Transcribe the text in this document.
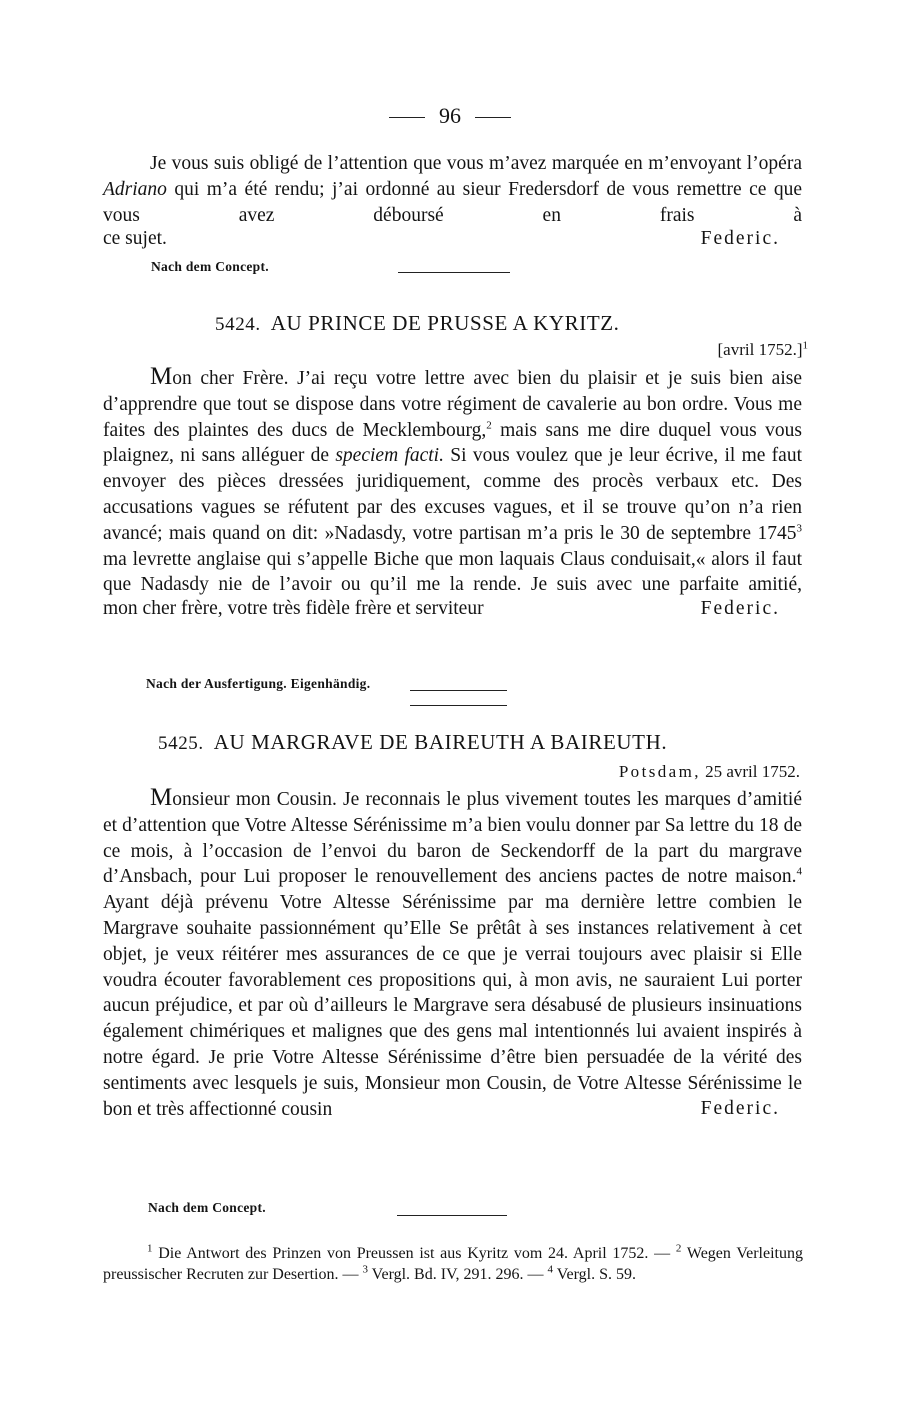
96

Je vous suis obligé de l’attention que vous m’avez marquée en m’envoyant l’opéra Adriano qui m’a été rendu; j’ai ordonné au sieur Fredersdorf de vous remettre ce que vous avez déboursé en frais à

ce sujet.	Federic.
Nach dem Concept.
5424. AU PRINCE DE PRUSSE A KYRITZ.
[avril 1752.]$^1$

Mon cher Frère. J’ai reçu votre lettre avec bien du plaisir et je suis bien aise d’apprendre que tout se dispose dans votre régiment de cavalerie au bon ordre. Vous me faites des plaintes des ducs de Mecklembourg,$^2$ mais sans me dire duquel vous vous plaignez, ni sans alléguer de speciem facti. Si vous voulez que je leur écrive, il me faut envoyer des pièces dressées juridiquement, comme des procès verbaux etc. Des accusations vagues se réfutent par des excuses vagues, et il se trouve qu’on n’a rien avancé; mais quand on dit: »Nadasdy, votre partisan m’a pris le 30 de septembre 1745$^3$ ma levrette anglaise qui s’appelle Biche que mon laquais Claus conduisait,« alors il faut que Nadasdy nie de l’avoir ou qu’il me la rende. Je suis avec une parfaite amitié,

mon cher frère, votre très fidèle frère et serviteur	Federic.
Nach der Ausfertigung. Eigenhändig.
5425. AU MARGRAVE DE BAIREUTH A BAIREUTH.
Potsdam, 25 avril 1752.

Monsieur mon Cousin. Je reconnais le plus vivement toutes les marques d’amitié et d’attention que Votre Altesse Sérénissime m’a bien voulu donner par Sa lettre du 18 de ce mois, à l’occasion de l’envoi du baron de Seckendorff de la part du margrave d’Ansbach, pour Lui proposer le renouvellement des anciens pactes de notre maison.$^4$ Ayant déjà prévenu Votre Altesse Sérénissime par ma dernière lettre combien le Margrave souhaite passionnément qu’Elle Se prêtât à ses instances relativement à cet objet, je veux réitérer mes assurances de ce que je verrai toujours avec plaisir si Elle voudra écouter favorablement ces propositions qui, à mon avis, ne sauraient Lui porter aucun préjudice, et par où d’ailleurs le Margrave sera désabusé de plusieurs insinuations également chimériques et malignes que des gens mal intentionnés lui avaient inspirés à notre égard. Je prie Votre Altesse Sérénissime d’être bien persuadée de la vérité des sentiments avec lesquels je suis, Monsieur mon Cousin, de Votre Altesse Sérénissime le bon et très affectionné cousin	Federic.
Nach dem Concept.
$^1$ Die Antwort des Prinzen von Preussen ist aus Kyritz vom 24. April 1752. — $^2$ Wegen Verleitung preussischer Recruten zur Desertion. — $^3$ Vergl. Bd. IV, 291. 296. — $^4$ Vergl. S. 59.
